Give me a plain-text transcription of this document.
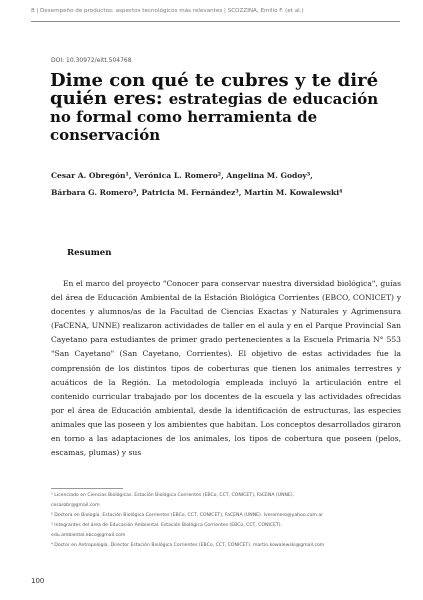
8 | Desempeño de productos: aspectos tecnológicos más relevantes | SCOZZINA, Emilio F. (et al.)
DOI: 10.30972/eitt.504768
Dime con qué te cubres y te diré quién eres: estrategias de educación no formal como herramienta de conservación

Cesar A. Obregón¹, Verónica L. Romero², Angelina M. Godoy³,

Bárbara G. Romero³, Patricia M. Fernández³, Martín M. Kowalewski⁴

Resumen

En el marco del proyecto "Conocer para conservar nuestra diversidad biológica", guías del área de Educación Ambiental de la Estación Biológica Corrientes (EBCO, CONICET) y docentes y alumnos/as de la Facultad de Ciencias Exactas y Naturales y Agrimensura (FaCENA, UNNE) realizaron actividades de taller en el aula y en el Parque Provincial San Cayetano para estudiantes de primer grado pertenecientes a la Escuela Primaria N° 553 "San Cayetano" (San Cayetano, Corrientes). El objetivo de estas actividades fue la comprensión de los distintos tipos de coberturas que tienen los animales terrestres y acuáticos de la Región. La metodología empleada incluyó la articulación entre el contenido curricular trabajado por los docentes de la escuela y las actividades ofrecidas por el área de Educación ambiental, desde la identificación de estructuras, las especies animales que las poseen y los ambientes que habitan. Los conceptos desarrollados giraron en torno a las adaptaciones de los animales, los tipos de cobertura que poseen (pelos, escamas, plumas) y sus

¹ Licenciado en Ciencias Biológicas. Estación Biológica Corrientes (EBCo, CCT, CONICET), FaCENA (UNNE).

cesarobr@gmail.com

² Doctora en Biología. Estación Biológica Corrientes (EBCo, CCT, CONICET), FaCENA (UNNE). lveromero@yahoo.com.ar

³ Integrantes del área de Educación Ambiental. Estación Biológica Corrientes (EBCo, CCT, CONICET).

edu.ambiental.ebco@gmail.com

⁴ Doctor en Antropología. Director Estación Biológica Corrientes (EBCo, CCT, CONICET). martin.kowalewski@gmail.com

100
